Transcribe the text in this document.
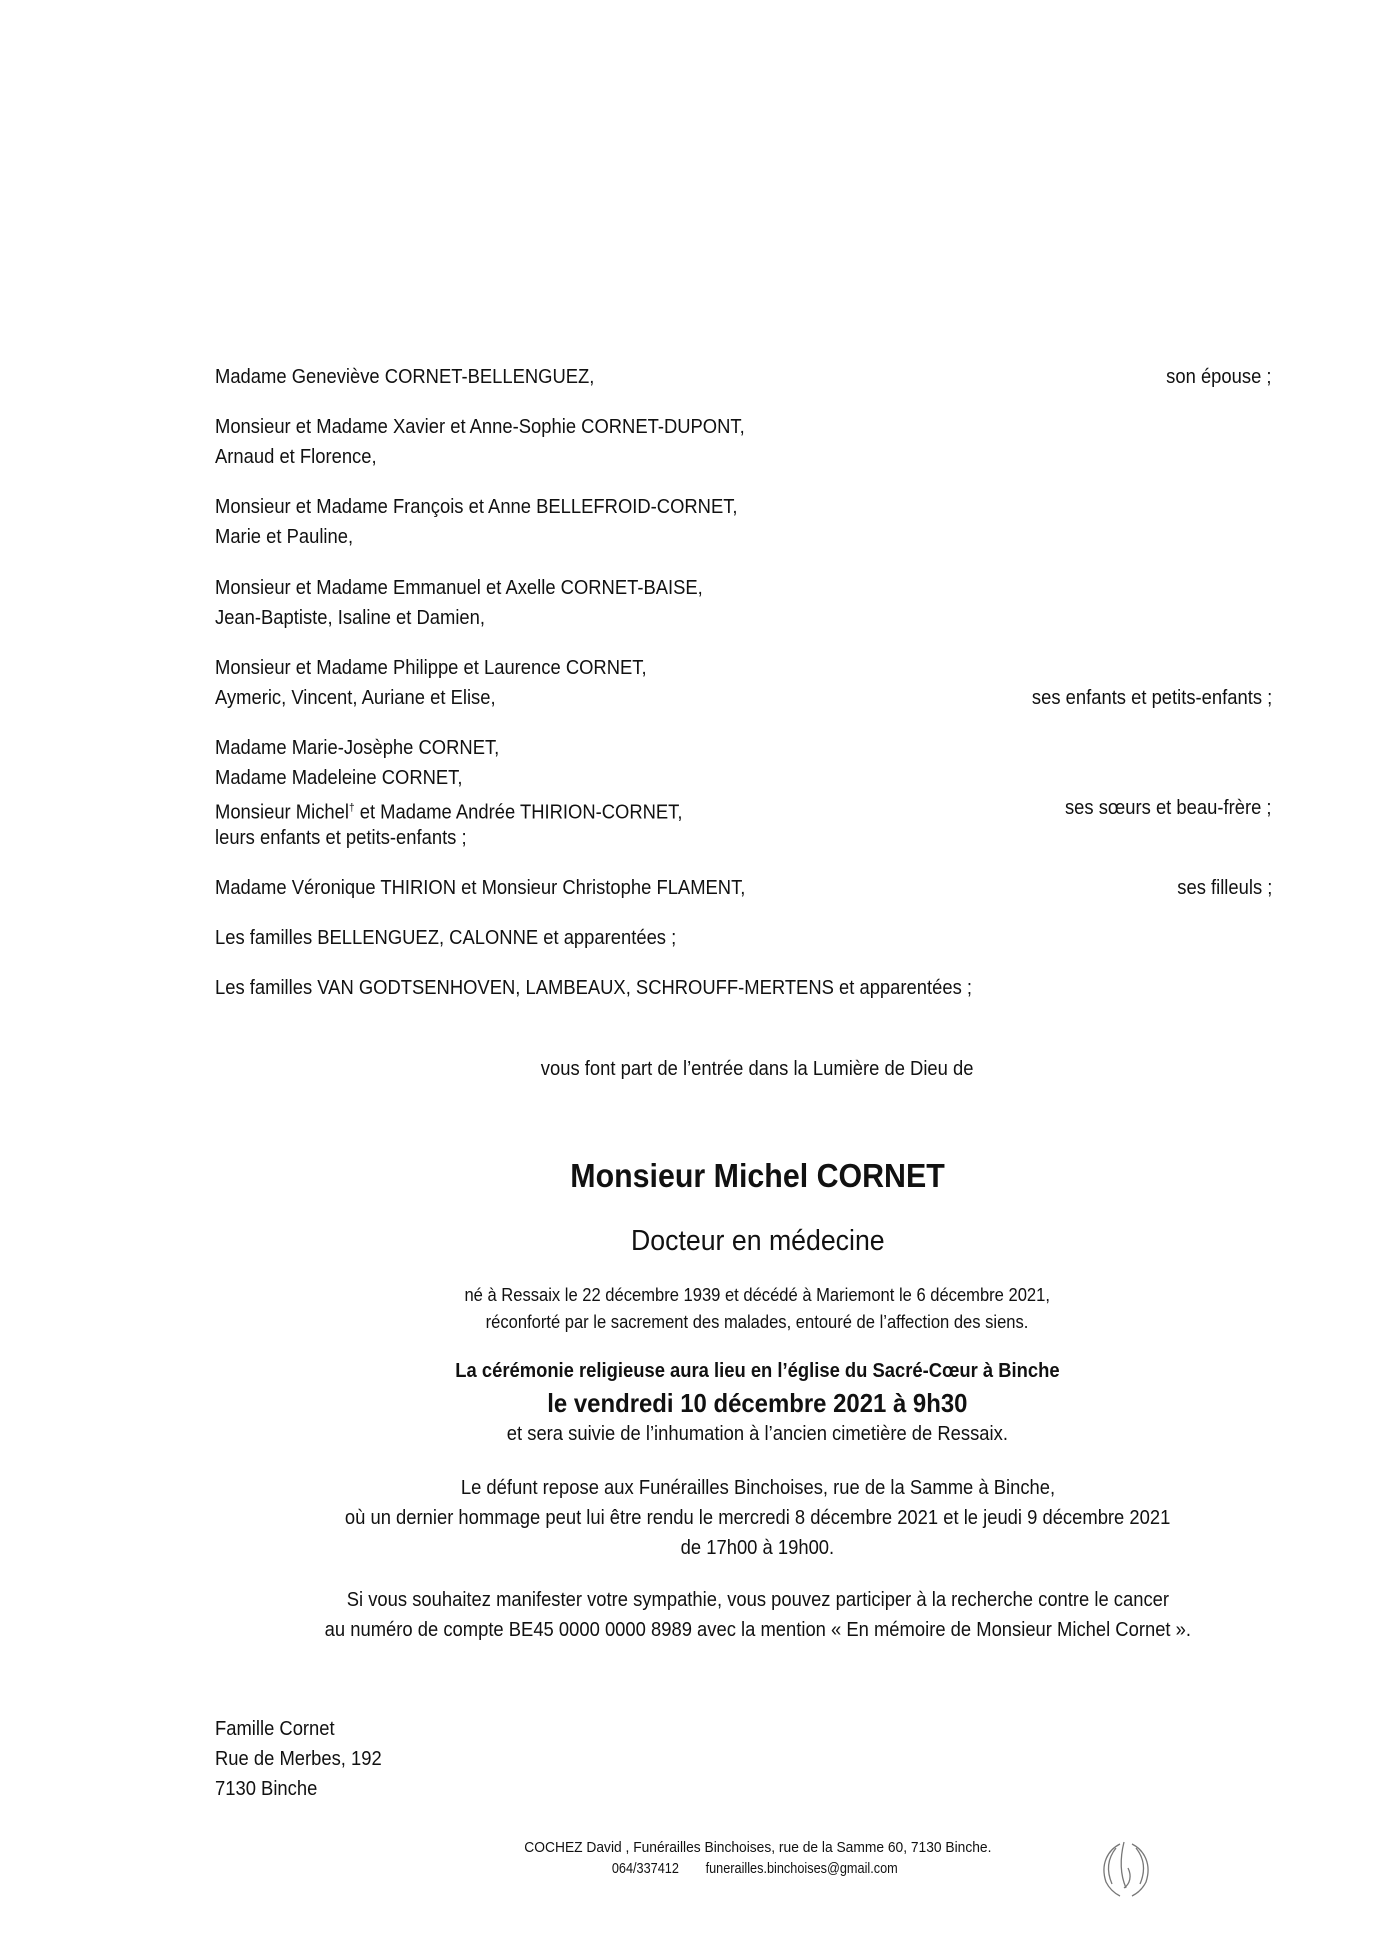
Madame Geneviève CORNET-BELLENGUEZ,	son épouse ;
Monsieur et Madame Xavier et Anne-Sophie CORNET-DUPONT,
Arnaud et Florence,
Monsieur et Madame François et Anne BELLEFROID-CORNET,
Marie et Pauline,
Monsieur et Madame Emmanuel et Axelle CORNET-BAISE,
Jean-Baptiste, Isaline et Damien,
Monsieur et Madame Philippe et Laurence CORNET,
Aymeric, Vincent, Auriane et Elise,	ses enfants et petits-enfants ;
Madame Marie-Josèphe CORNET,
Madame Madeleine CORNET,
Monsieur Michel† et Madame Andrée THIRION-CORNET,	ses sœurs et beau-frère ;
leurs enfants et petits-enfants ;
Madame Véronique THIRION et Monsieur Christophe FLAMENT,	ses filleuls ;
Les familles BELLENGUEZ, CALONNE et apparentées ;
Les familles VAN GODTSENHOVEN, LAMBEAUX, SCHROUFF-MERTENS et apparentées ;
vous font part de l’entrée dans la Lumière de Dieu de
Monsieur Michel CORNET
Docteur en médecine
né à Ressaix le 22 décembre 1939 et décédé à Mariemont le 6 décembre 2021,
réconforté par le sacrement des malades, entouré de l’affection des siens.
La cérémonie religieuse aura lieu en l’église du Sacré-Cœur à Binche
le vendredi 10 décembre 2021 à 9h30
et sera suivie de l’inhumation à l’ancien cimetière de Ressaix.
Le défunt repose aux Funérailles Binchoises, rue de la Samme à Binche,
où un dernier hommage peut lui être rendu le mercredi 8 décembre 2021 et le jeudi 9 décembre 2021
de 17h00 à 19h00.
Si vous souhaitez manifester votre sympathie, vous pouvez participer à la recherche contre le cancer
au numéro de compte BE45 0000 0000 8989 avec la mention « En mémoire de Monsieur Michel Cornet ».
Famille Cornet
Rue de Merbes, 192
7130 Binche
COCHEZ David , Funérailles Binchoises, rue de la Samme 60, 7130 Binche.
064/337412 funerailles.binchoises@gmail.com
